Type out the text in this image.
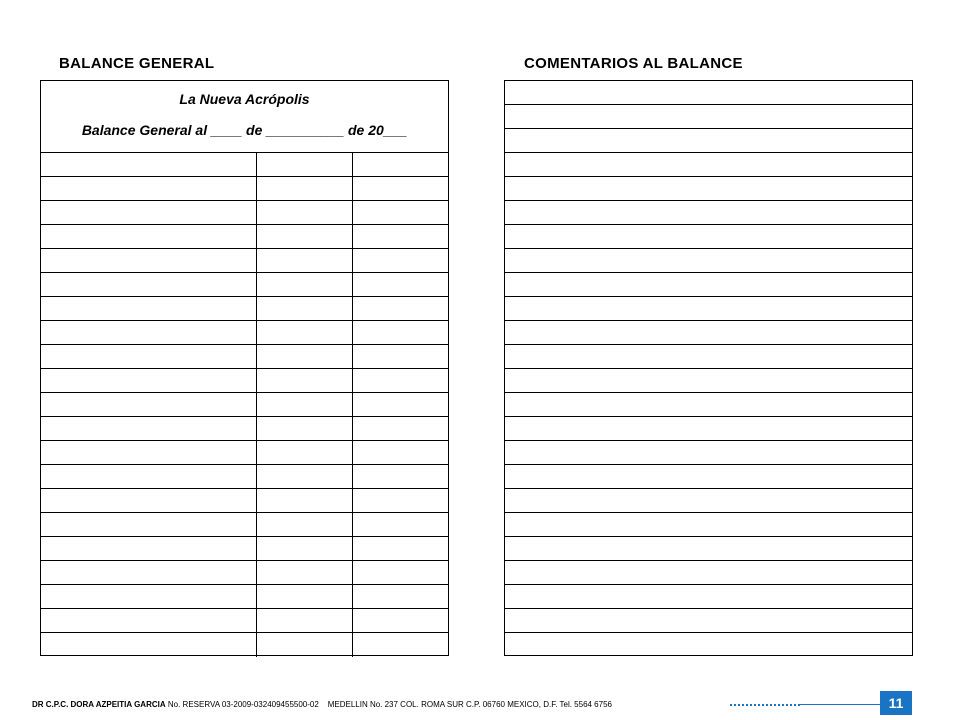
BALANCE GENERAL	COMENTARIOS AL BALANCE
La Nueva Acrópolis
Balance General al ____ de __________ de 20___
DR C.P.C. DORA AZPEITIA GARCIA No. RESERVA 03-2009-032409455500-02 MEDELLIN No. 237 COL. ROMA SUR C.P. 06760 MEXICO, D.F. Tel. 5564 6756	11
